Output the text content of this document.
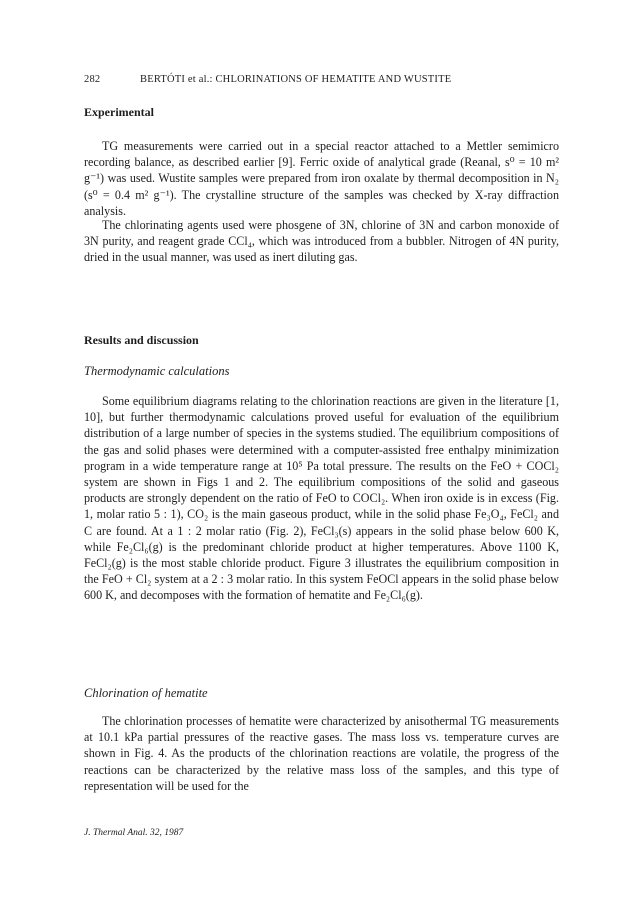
282	BERTÓTI et al.: CHLORINATIONS OF HEMATITE AND WUSTITE
Experimental

TG measurements were carried out in a special reactor attached to a Mettler semimicro recording balance, as described earlier [9]. Ferric oxide of analytical grade (Reanal, s⁰ = 10 m² g⁻¹) was used. Wustite samples were prepared from iron oxalate by thermal decomposition in N₂ (s⁰ = 0.4 m² g⁻¹). The crystalline structure of the samples was checked by X-ray diffraction analysis.

The chlorinating agents used were phosgene of 3N, chlorine of 3N and carbon monoxide of 3N purity, and reagent grade CCl₄, which was introduced from a bubbler. Nitrogen of 4N purity, dried in the usual manner, was used as inert diluting gas.

Results and discussion
Thermodynamic calculations

Some equilibrium diagrams relating to the chlorination reactions are given in the literature [1, 10], but further thermodynamic calculations proved useful for evaluation of the equilibrium distribution of a large number of species in the systems studied. The equilibrium compositions of the gas and solid phases were determined with a computer-assisted free enthalpy minimization program in a wide temperature range at 10⁵ Pa total pressure. The results on the FeO + COCl₂ system are shown in Figs 1 and 2. The equilibrium compositions of the solid and gaseous products are strongly dependent on the ratio of FeO to COCl₂. When iron oxide is in excess (Fig. 1, molar ratio 5 : 1), CO₂ is the main gaseous product, while in the solid phase Fe₃O₄, FeCl₂ and C are found. At a 1 : 2 molar ratio (Fig. 2), FeCl₃(s) appears in the solid phase below 600 K, while Fe₂Cl₆(g) is the predominant chloride product at higher temperatures. Above 1100 K, FeCl₂(g) is the most stable chloride product. Figure 3 illustrates the equilibrium composition in the FeO + Cl₂ system at a 2 : 3 molar ratio. In this system FeOCl appears in the solid phase below 600 K, and decomposes with the formation of hematite and Fe₂Cl₆(g).

Chlorination of hematite

The chlorination processes of hematite were characterized by anisothermal TG measurements at 10.1 kPa partial pressures of the reactive gases. The mass loss vs. temperature curves are shown in Fig. 4. As the products of the chlorination reactions are volatile, the progress of the reactions can be characterized by the relative mass loss of the samples, and this type of representation will be used for the

J. Thermal Anal. 32, 1987
